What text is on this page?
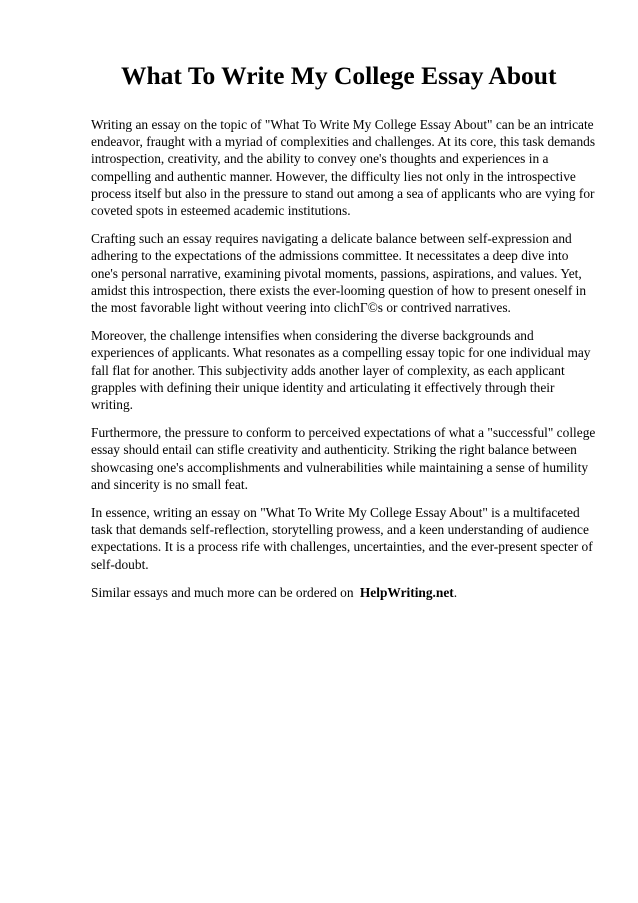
What To Write My College Essay About

Writing an essay on the topic of "What To Write My College Essay About" can be an intricate endeavor, fraught with a myriad of complexities and challenges. At its core, this task demands introspection, creativity, and the ability to convey one's thoughts and experiences in a compelling and authentic manner. However, the difficulty lies not only in the introspective process itself but also in the pressure to stand out among a sea of applicants who are vying for coveted spots in esteemed academic institutions.

Crafting such an essay requires navigating a delicate balance between self-expression and adhering to the expectations of the admissions committee. It necessitates a deep dive into one's personal narrative, examining pivotal moments, passions, aspirations, and values. Yet, amidst this introspection, there exists the ever-looming question of how to present oneself in the most favorable light without veering into clichГ©s or contrived narratives.

Moreover, the challenge intensifies when considering the diverse backgrounds and experiences of applicants. What resonates as a compelling essay topic for one individual may fall flat for another. This subjectivity adds another layer of complexity, as each applicant grapples with defining their unique identity and articulating it effectively through their writing.

Furthermore, the pressure to conform to perceived expectations of what a "successful" college essay should entail can stifle creativity and authenticity. Striking the right balance between showcasing one's accomplishments and vulnerabilities while maintaining a sense of humility and sincerity is no small feat.

In essence, writing an essay on "What To Write My College Essay About" is a multifaceted task that demands self-reflection, storytelling prowess, and a keen understanding of audience expectations. It is a process rife with challenges, uncertainties, and the ever-present specter of self-doubt.

Similar essays and much more can be ordered on HelpWriting.net.
